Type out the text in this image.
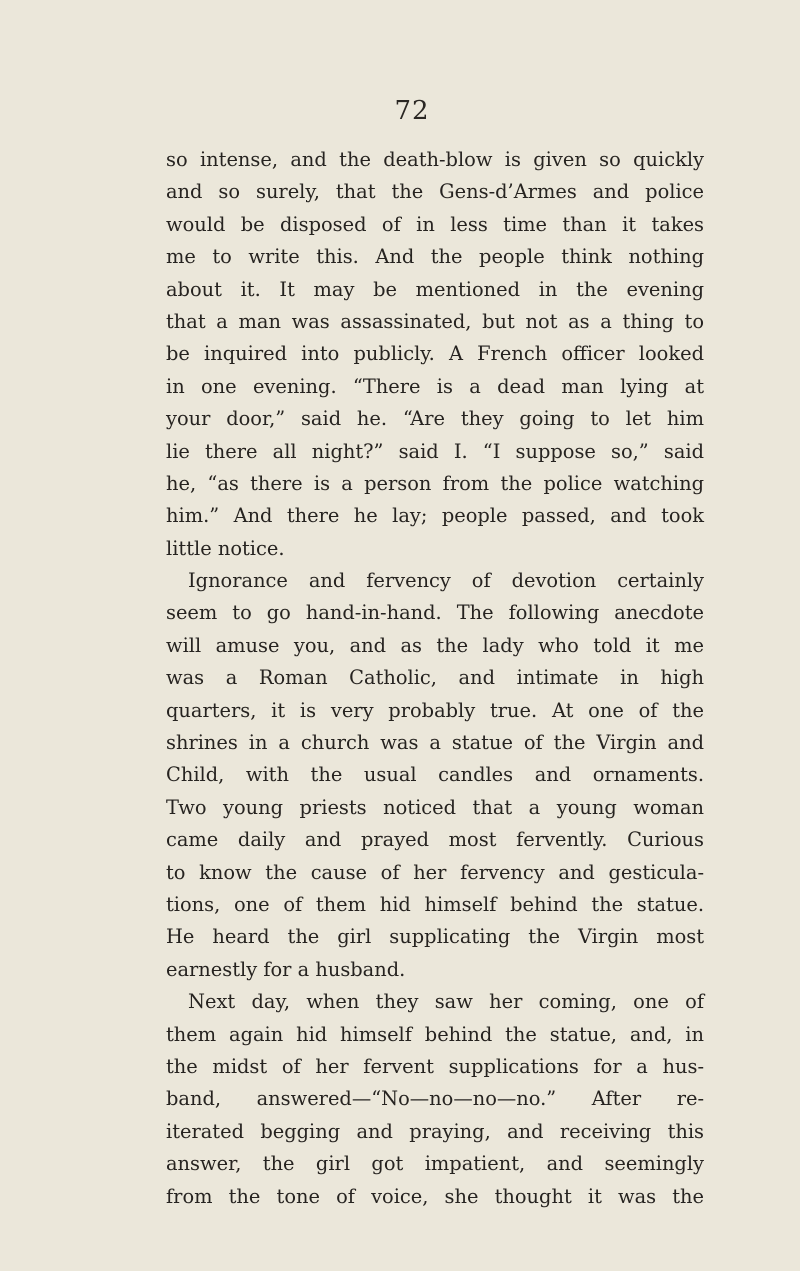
72
so intense, and the death-blow is given so quickly
and so surely, that the Gens-d’Armes and police
would be disposed of in less time than it takes
me to write this. And the people think nothing
about it. It may be mentioned in the evening
that a man was assassinated, but not as a thing to
be inquired into publicly. A French officer looked
in one evening. “There is a dead man lying at
your door,” said he. “Are they going to let him
lie there all night?” said I. “I suppose so,” said
he, “as there is a person from the police watching
him.” And there he lay; people passed, and took
little notice.
Ignorance and fervency of devotion certainly
seem to go hand-in-hand. The following anecdote
will amuse you, and as the lady who told it me
was a Roman Catholic, and intimate in high
quarters, it is very probably true. At one of the
shrines in a church was a statue of the Virgin and
Child, with the usual candles and ornaments.
Two young priests noticed that a young woman
came daily and prayed most fervently. Curious
to know the cause of her fervency and gesticula-
tions, one of them hid himself behind the statue.
He heard the girl supplicating the Virgin most
earnestly for a husband.
Next day, when they saw her coming, one of
them again hid himself behind the statue, and, in
the midst of her fervent supplications for a hus-
band, answered—“No—no—no—no.” After re-
iterated begging and praying, and receiving this
answer, the girl got impatient, and seemingly
from the tone of voice, she thought it was the
